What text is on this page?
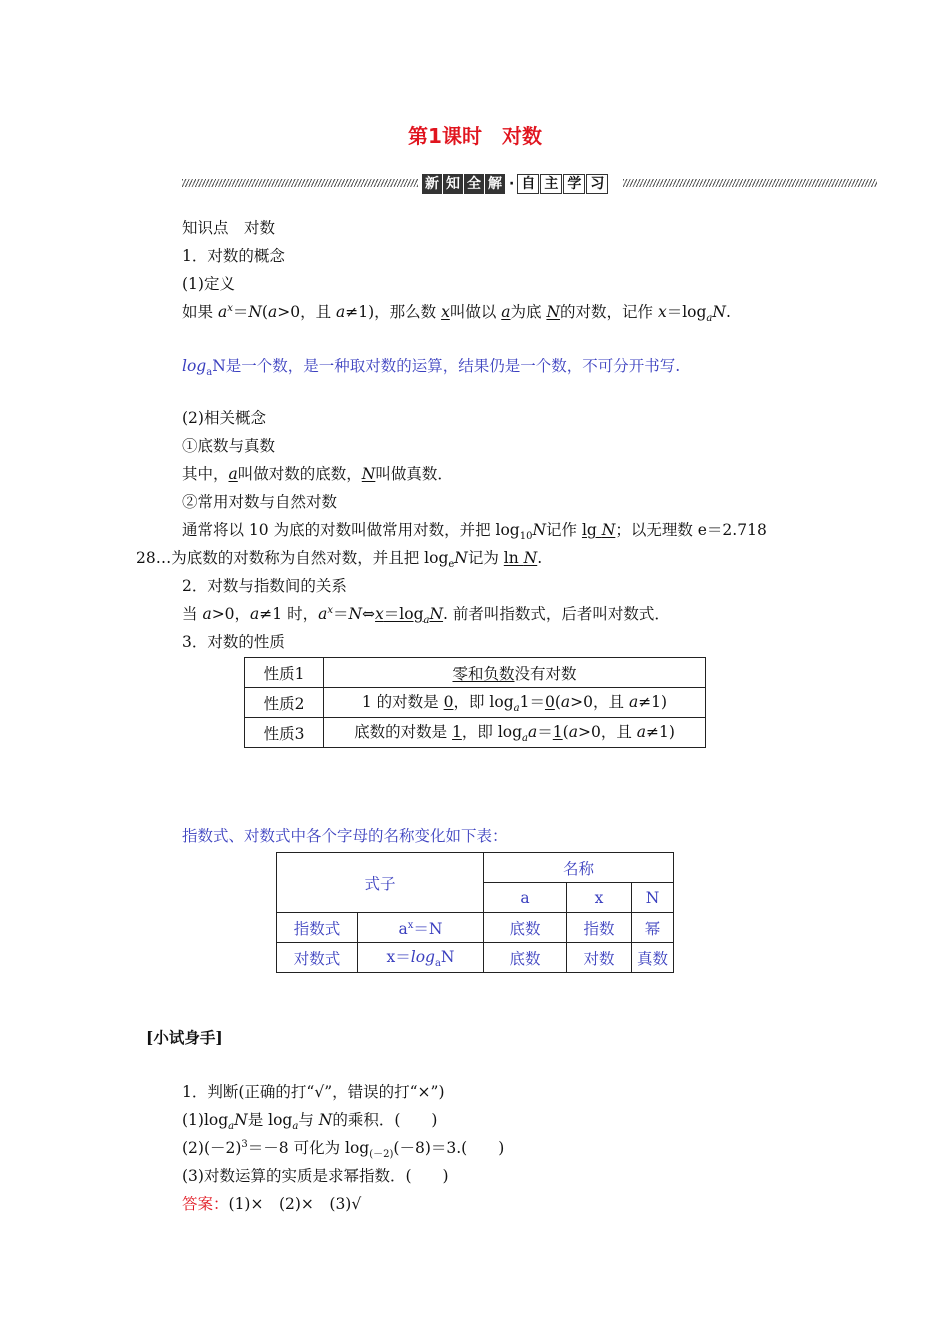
第1课时　对数
新 知 全 解 · 自 主 学 习
知识点　对数
1．对数的概念
(1)定义
如果 $a^x=N(a>0$，且 a≠1)，那么数 x叫做以 a为底 N的对数，记作 $x=\log_aN$.
$\log_aN$是一个数，是一种取对数的运算，结果仍是一个数，不可分开书写.
(2)相关概念
①底数与真数
其中，a叫做对数的底数，N叫做真数．
②常用对数与自然对数
通常将以 10 为底的对数叫做常用对数，并把 $\log_{10}N$记作 lg N；以无理数 e＝2.718
28…为底数的对数称为自然对数，并且把 $\log_eN$记为 ln N.
2．对数与指数间的关系
当 a>0，a≠1 时，$a^x=N\Leftrightarrow x=\log_aN$. 前者叫指数式，后者叫对数式．
3．对数的性质
性质1	零和负数没有对数
性质2	1 的对数是 0，即 $\log_a1=0(a>0$，且 a≠1)
性质3	底数的对数是 1，即 $\log_aa=1(a>0$，且 a≠1)
指数式、对数式中各个字母的名称变化如下表：
式子		名称		
		a	x	N
指数式	$a^x=N$	底数	指数	幂
对数式	$x=\log_aN$	底数	对数	真数
[小试身手]
1．判断(正确的打“√”，错误的打“×”)
$(1)\log_aN$是 $\log_a$与 N的乘积．(　　)
$(2)(-2)^3=-8$ 可化为 $\log_{(-2)}(-8)=3$.(　　)
(3)对数运算的实质是求幂指数．(　　)
答案：(1)×　(2)×　(3)√
